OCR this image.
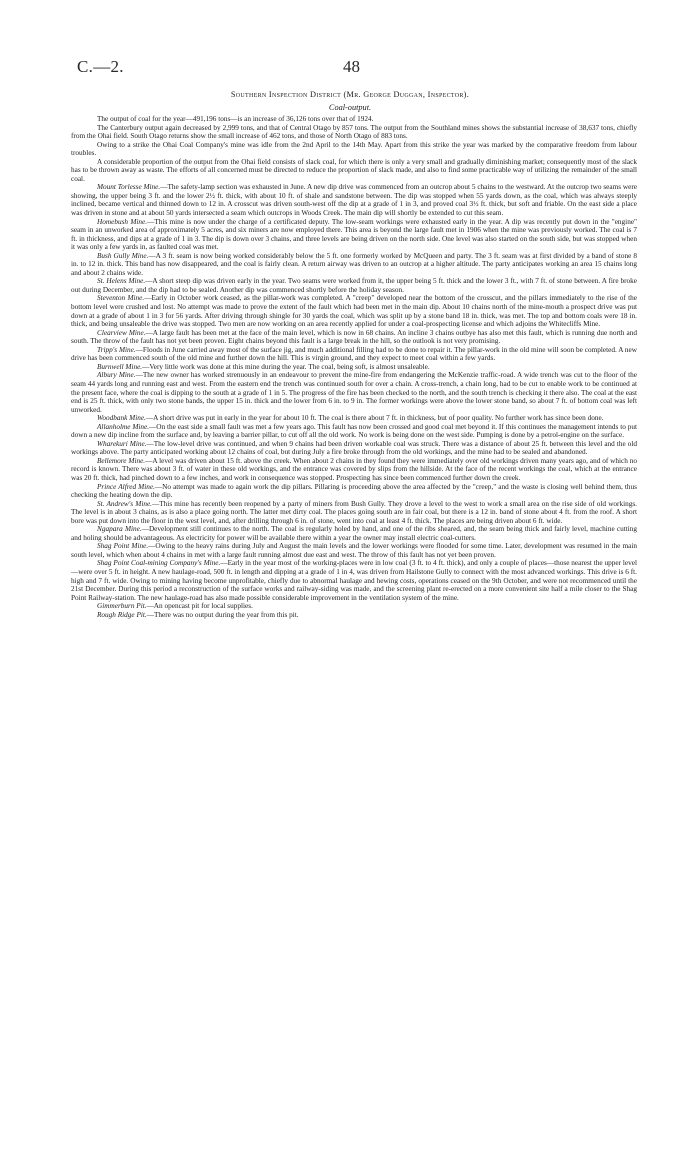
C.—2.	48
Southern Inspection District (Mr. George Duggan, Inspector).
Coal-output.

The output of coal for the year—491,196 tons—is an increase of 36,126 tons over that of 1924.

The Canterbury output again decreased by 2,999 tons, and that of Central Otago by 857 tons. The output from the Southland mines shows the substantial increase of 38,637 tons, chiefly from the Ohai field. South Otago returns show the small increase of 462 tons, and those of North Otago of 883 tons.

Owing to a strike the Ohai Coal Company's mine was idle from the 2nd April to the 14th May. Apart from this strike the year was marked by the comparative freedom from labour troubles.

A considerable proportion of the output from the Ohai field consists of slack coal, for which there is only a very small and gradually diminishing market; consequently most of the slack has to be thrown away as waste. The efforts of all concerned must be directed to reduce the proportion of slack made, and also to find some practicable way of utilizing the remainder of the small coal.

Mount Torlesse Mine.—The safety-lamp section was exhausted in June. A new dip drive was commenced from an outcrop about 5 chains to the westward. At the outcrop two seams were showing, the upper being 3 ft. and the lower 2½ ft. thick, with about 10 ft. of shale and sandstone between. The dip was stopped when 55 yards down, as the coal, which was always steeply inclined, became vertical and thinned down to 12 in. A crosscut was driven south-west off the dip at a grade of 1 in 3, and proved coal 3½ ft. thick, but soft and friable. On the east side a place was driven in stone and at about 50 yards intersected a seam which outcrops in Woods Creek. The main dip will shortly be extended to cut this seam.

Homebush Mine.—This mine is now under the charge of a certificated deputy. The low-seam workings were exhausted early in the year. A dip was recently put down in the "engine" seam in an unworked area of approximately 5 acres, and six miners are now employed there. This area is beyond the large fault met in 1906 when the mine was previously worked. The coal is 7 ft. in thickness, and dips at a grade of 1 in 3. The dip is down over 3 chains, and three levels are being driven on the north side. One level was also started on the south side, but was stopped when it was only a few yards in, as faulted coal was met.

Bush Gully Mine.—A 3 ft. seam is now being worked considerably below the 5 ft. one formerly worked by McQueen and party. The 3 ft. seam was at first divided by a band of stone 8 in. to 12 in. thick. This band has now disappeared, and the coal is fairly clean. A return airway was driven to an outcrop at a higher altitude. The party anticipates working an area 15 chains long and about 2 chains wide.

St. Helens Mine.—A short steep dip was driven early in the year. Two seams were worked from it, the upper being 5 ft. thick and the lower 3 ft., with 7 ft. of stone between. A fire broke out during December, and the dip had to be sealed. Another dip was commenced shortly before the holiday season.

Steventon Mine.—Early in October work ceased, as the pillar-work was completed. A "creep" developed near the bottom of the crosscut, and the pillars immediately to the rise of the bottom level were crushed and lost. No attempt was made to prove the extent of the fault which had been met in the main dip. About 10 chains north of the mine-mouth a prospect drive was put down at a grade of about 1 in 3 for 56 yards. After driving through shingle for 30 yards the coal, which was split up by a stone band 18 in. thick, was met. The top and bottom coals were 18 in. thick, and being unsaleable the drive was stopped. Two men are now working on an area recently applied for under a coal-prospecting license and which adjoins the Whitecliffs Mine.

Clearview Mine.—A large fault has been met at the face of the main level, which is now in 68 chains. An incline 3 chains outbye has also met this fault, which is running due north and south. The throw of the fault has not yet been proven. Eight chains beyond this fault is a large break in the hill, so the outlook is not very promising.

Tripp's Mine.—Floods in June carried away most of the surface jig, and much additional filling had to be done to repair it. The pillar-work in the old mine will soon be completed. A new drive has been commenced south of the old mine and further down the hill. This is virgin ground, and they expect to meet coal within a few yards.

Burnwell Mine.—Very little work was done at this mine during the year. The coal, being soft, is almost unsaleable.

Albury Mine.—The new owner has worked strenuously in an endeavour to prevent the mine-fire from endangering the McKenzie traffic-road. A wide trench was cut to the floor of the seam 44 yards long and running east and west. From the eastern end the trench was continued south for over a chain. A cross-trench, a chain long, had to be cut to enable work to be continued at the present face, where the coal is dipping to the south at a grade of 1 in 5. The progress of the fire has been checked to the north, and the south trench is checking it there also. The coal at the east end is 25 ft. thick, with only two stone bands, the upper 15 in. thick and the lower from 6 in. to 9 in. The former workings were above the lower stone band, so about 7 ft. of bottom coal was left unworked.

Woodbank Mine.—A short drive was put in early in the year for about 10 ft. The coal is there about 7 ft. in thickness, but of poor quality. No further work has since been done.

Allanholme Mine.—On the east side a small fault was met a few years ago. This fault has now been crossed and good coal met beyond it. If this continues the management intends to put down a new dip incline from the surface and, by leaving a barrier pillar, to cut off all the old work. No work is being done on the west side. Pumping is done by a petrol-engine on the surface.

Wharekuri Mine.—The low-level drive was continued, and when 9 chains had been driven workable coal was struck. There was a distance of about 25 ft. between this level and the old workings above. The party anticipated working about 12 chains of coal, but during July a fire broke through from the old workings, and the mine had to be sealed and abandoned.

Bellemore Mine.—A level was driven about 15 ft. above the creek. When about 2 chains in they found they were immediately over old workings driven many years ago, and of which no record is known. There was about 3 ft. of water in these old workings, and the entrance was covered by slips from the hillside. At the face of the recent workings the coal, which at the entrance was 20 ft. thick, had pinched down to a few inches, and work in consequence was stopped. Prospecting has since been commenced further down the creek.

Prince Alfred Mine.—No attempt was made to again work the dip pillars. Pillaring is proceeding above the area affected by the "creep," and the waste is closing well behind them, thus checking the heating down the dip.

St. Andrew's Mine.—This mine has recently been reopened by a party of miners from Bush Gully. They drove a level to the west to work a small area on the rise side of old workings. The level is in about 3 chains, as is also a place going north. The latter met dirty coal. The places going south are in fair coal, but there is a 12 in. band of stone about 4 ft. from the roof. A short bore was put down into the floor in the west level, and, after drilling through 6 in. of stone, went into coal at least 4 ft. thick. The places are being driven about 6 ft. wide.

Ngapara Mine.—Development still continues to the north. The coal is regularly holed by hand, and one of the ribs sheared, and, the seam being thick and fairly level, machine cutting and holing should be advantageous. As electricity for power will be available there within a year the owner may install electric coal-cutters.

Shag Point Mine.—Owing to the heavy rains during July and August the main levels and the lower workings were flooded for some time. Later, development was resumed in the main south level, which when about 4 chains in met with a large fault running almost due east and west. The throw of this fault has not yet been proven.

Shag Point Coal-mining Company's Mine.—Early in the year most of the working-places were in low coal (3 ft. to 4 ft. thick), and only a couple of places—those nearest the upper level—were over 5 ft. in height. A new haulage-road, 500 ft. in length and dipping at a grade of 1 in 4, was driven from Hailstone Gully to connect with the most advanced workings. This drive is 6 ft. high and 7 ft. wide. Owing to mining having become unprofitable, chiefly due to abnormal haulage and hewing costs, operations ceased on the 9th October, and were not recommenced until the 21st December. During this period a reconstruction of the surface works and railway-siding was made, and the screening plant re-erected on a more convenient site half a mile closer to the Shag Point Railway-station. The new haulage-road has also made possible considerable improvement in the ventilation system of the mine.

Gimmerburn Pit.—An opencast pit for local supplies.

Rough Ridge Pit.—There was no output during the year from this pit.
